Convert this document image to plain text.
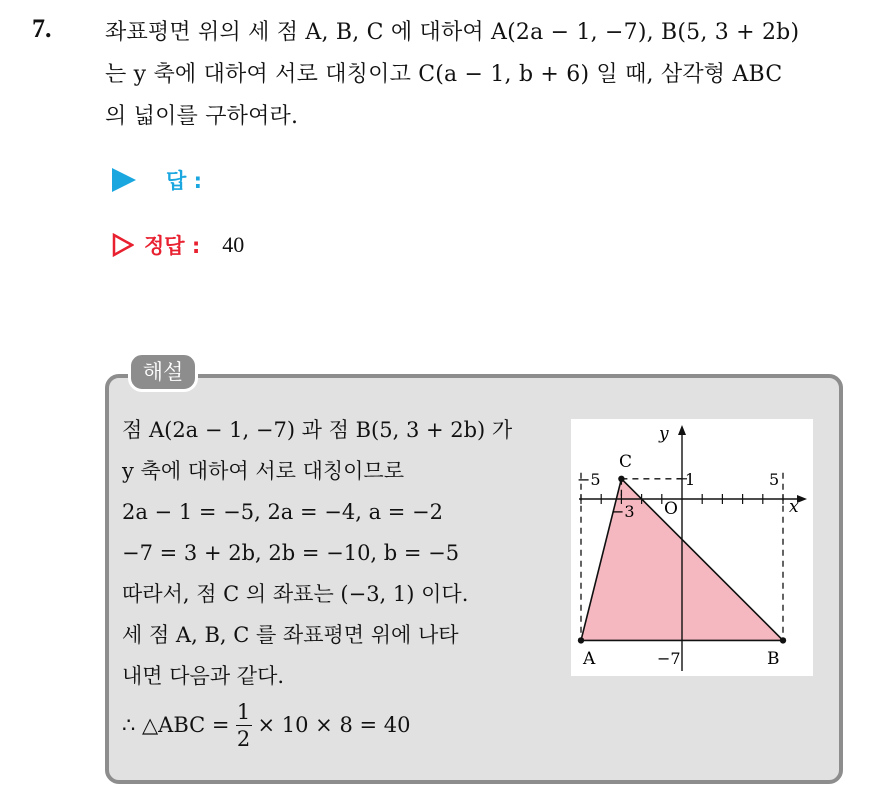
7. 좌표평면 위의 세 점 A, B, C 에 대하여 A(2a − 1, −7), B(5, 3 + 2b)
는 y 축에 대하여 서로 대칭이고 C(a − 1, b + 6) 일 때, 삼각형 ABC
의 넓이를 구하여라.
답 :
정답 : 40
해설
점 A(2a − 1, −7) 과 점 B(5, 3 + 2b) 가
y 축에 대하여 서로 대칭이므로
2a − 1 = −5, 2a = −4, a = −2
−7 = 3 + 2b, 2b = −10, b = −5
따라서, 점 C 의 좌표는 (−3, 1) 이다.
세 점 A, B, C 를 좌표평면 위에 나타
내면 다음과 같다.
∴ △ABC = $\frac{1}{2} \times 10 \times 8 = 40$
y
x
O
C
A	B
−5	1	5
−3
−7
